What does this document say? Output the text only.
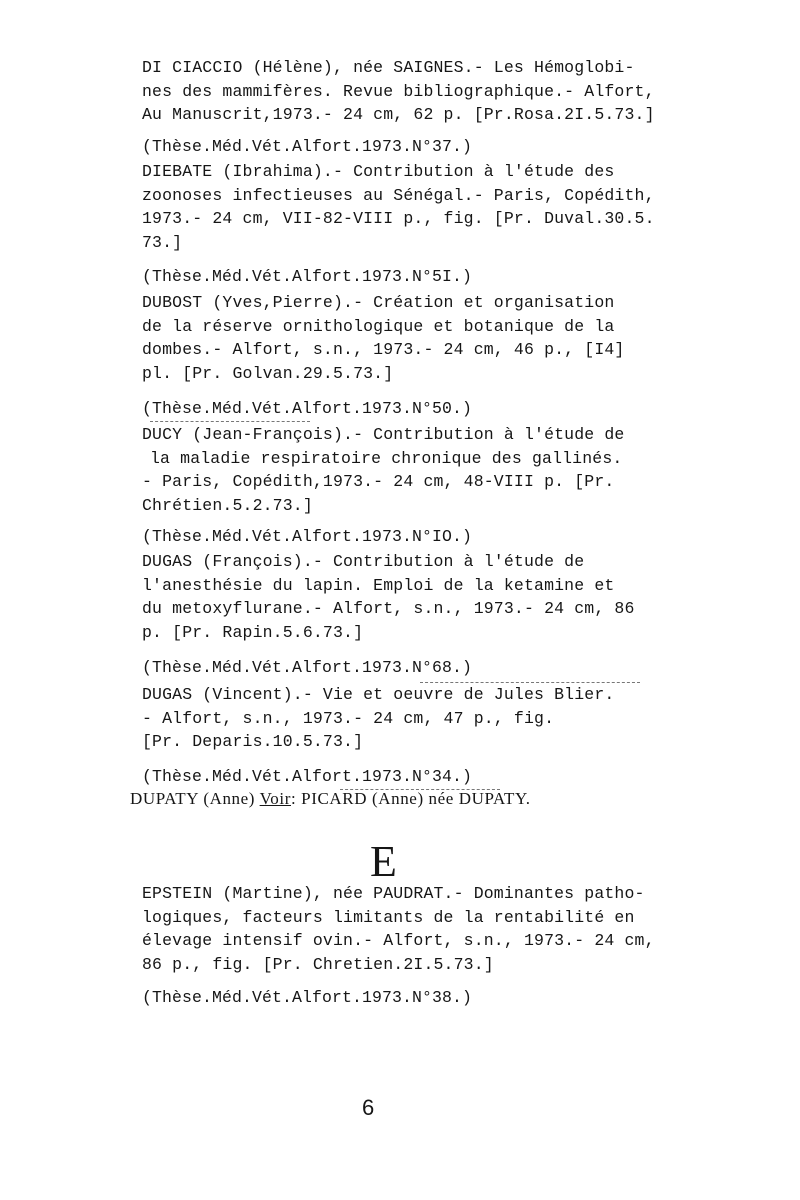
DI CIACCIO (Hélène), née SAIGNES.- Les Hémoglobi-
nes des mammifères. Revue bibliographique.- Alfort,
Au Manuscrit,1973.- 24 cm, 62 p. [Pr.Rosa.2I.5.73.]
(Thèse.Méd.Vét.Alfort.1973.N°37.)
DIEBATE (Ibrahima).- Contribution à l'étude des
zoonoses infectieuses au Sénégal.- Paris, Copédith,
1973.- 24 cm, VII-82-VIII p., fig. [Pr. Duval.30.5.
73.]
(Thèse.Méd.Vét.Alfort.1973.N°5I.)
DUBOST (Yves,Pierre).- Création et organisation
de la réserve ornithologique et botanique de la
dombes.- Alfort, s.n., 1973.- 24 cm, 46 p., [I4]
pl. [Pr. Golvan.29.5.73.]
(Thèse.Méd.Vét.Alfort.1973.N°50.)
DUCY (Jean-François).- Contribution à l'étude de
la maladie respiratoire chronique des gallinés.
- Paris, Copédith,1973.- 24 cm, 48-VIII p. [Pr.
Chrétien.5.2.73.]
(Thèse.Méd.Vét.Alfort.1973.N°IO.)
DUGAS (François).- Contribution à l'étude de
l'anesthésie du lapin. Emploi de la ketamine et
du metoxyflurane.- Alfort, s.n., 1973.- 24 cm, 86
p. [Pr. Rapin.5.6.73.]
(Thèse.Méd.Vét.Alfort.1973.N°68.)
DUGAS (Vincent).- Vie et oeuvre de Jules Blier.
- Alfort, s.n., 1973.- 24 cm, 47 p., fig.
[Pr. Deparis.10.5.73.]
(Thèse.Méd.Vét.Alfort.1973.N°34.)
DUPATY (Anne) Voir: PICARD (Anne) née DUPATY.
E
EPSTEIN (Martine), née PAUDRAT.- Dominantes patho-
logiques, facteurs limitants de la rentabilité en
élevage intensif ovin.- Alfort, s.n., 1973.- 24 cm,
86 p., fig. [Pr. Chretien.2I.5.73.]
(Thèse.Méd.Vét.Alfort.1973.N°38.)
6
